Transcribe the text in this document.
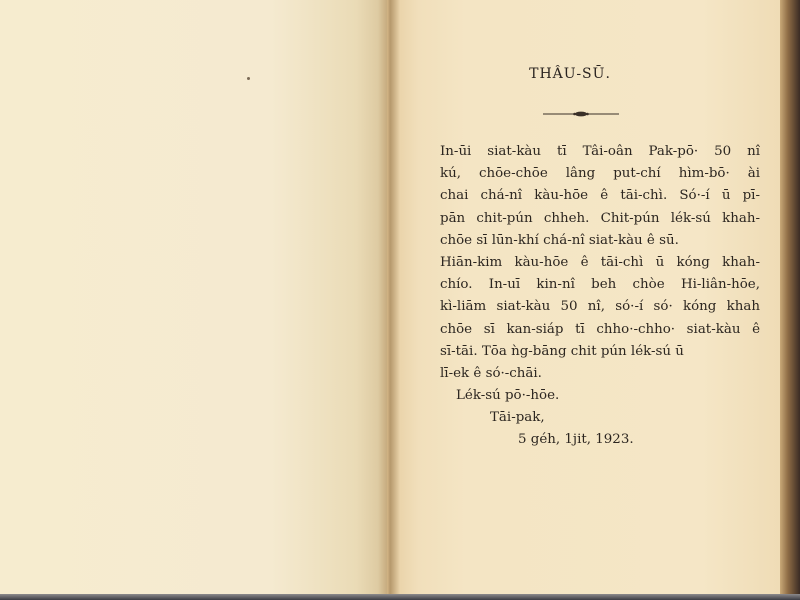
THÂU-SŪ.
In-ūi siat-kàu tī Tâi-oân Pak-pō· 50 nî
kú, chōe-chōe lâng put-chí hìm-bō· ài
chai chá-nî kàu-hōe ê tāi-chì. Só·-í ū pī-
pān chit-pún chheh. Chit-pún lék-sú khah-
chōe sī lūn-khí chá-nî siat-kàu ê sū.
Hiān-kim kàu-hōe ê tāi-chì ū kóng khah-
chío. In-uī kin-nî beh chòe Hi-liân-hōe,
kì-liām siat-kàu 50 nî, só·-í só· kóng khah
chōe sī kan-siáp tī chho·-chho· siat-kàu ê
sī-tāi. Tōa ǹg-bāng chit pún lék-sú ū
lī-ek ê só·-chāi.
Lék-sú pō·-hōe.
Tāi-pak,
5 géh, 1jit, 1923.
